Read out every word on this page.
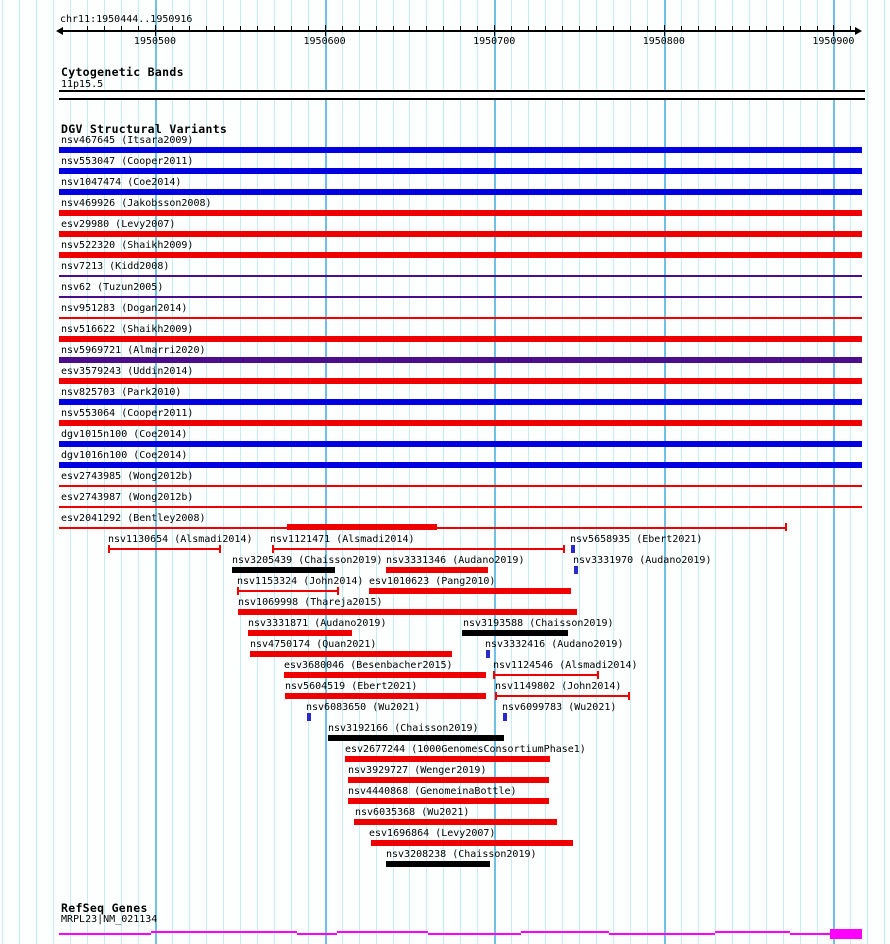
chr11:1950444..1950916
1950500	1950600	1950700	1950800	1950900
Cytogenetic Bands
11p15.5
DGV Structural Variants
nsv467645 (Itsara2009)
nsv553047 (Cooper2011)
nsv1047474 (Coe2014)
nsv469926 (Jakobsson2008)
esv29980 (Levy2007)
nsv522320 (Shaikh2009)
nsv7213 (Kidd2008)
nsv62 (Tuzun2005)
nsv951283 (Dogan2014)
nsv516622 (Shaikh2009)
nsv5969721 (Almarri2020)
esv3579243 (Uddin2014)
nsv825703 (Park2010)
nsv553064 (Cooper2011)
dgv1015n100 (Coe2014)
dgv1016n100 (Coe2014)
esv2743985 (Wong2012b)
esv2743987 (Wong2012b)
esv2041292 (Bentley2008)
nsv1130654 (Alsmadi2014) nsv1121471 (Alsmadi2014)	nsv5658935 (Ebert2021)
nsv3205439 (Chaisson2019) nsv3331346 (Audano2019)	nsv3331970 (Audano2019)
nsv1153324 (John2014) esv1010623 (Pang2010)
nsv1069998 (Thareja2015)
nsv3331871 (Audano2019)	nsv3193588 (Chaisson2019)
nsv4750174 (Quan2021)	nsv3332416 (Audano2019)
esv3680046 (Besenbacher2015)	nsv1124546 (Alsmadi2014)
nsv5604519 (Ebert2021)	nsv1149802 (John2014)
nsv6083650 (Wu2021)	nsv6099783 (Wu2021)
nsv3192166 (Chaisson2019)
esv2677244 (1000GenomesConsortiumPhase1)
nsv3929727 (Wenger2019)
nsv4440868 (GenomeinaBottle)
nsv6035368 (Wu2021)
esv1696864 (Levy2007)
nsv3208238 (Chaisson2019)
RefSeq Genes
MRPL23|NM_021134
